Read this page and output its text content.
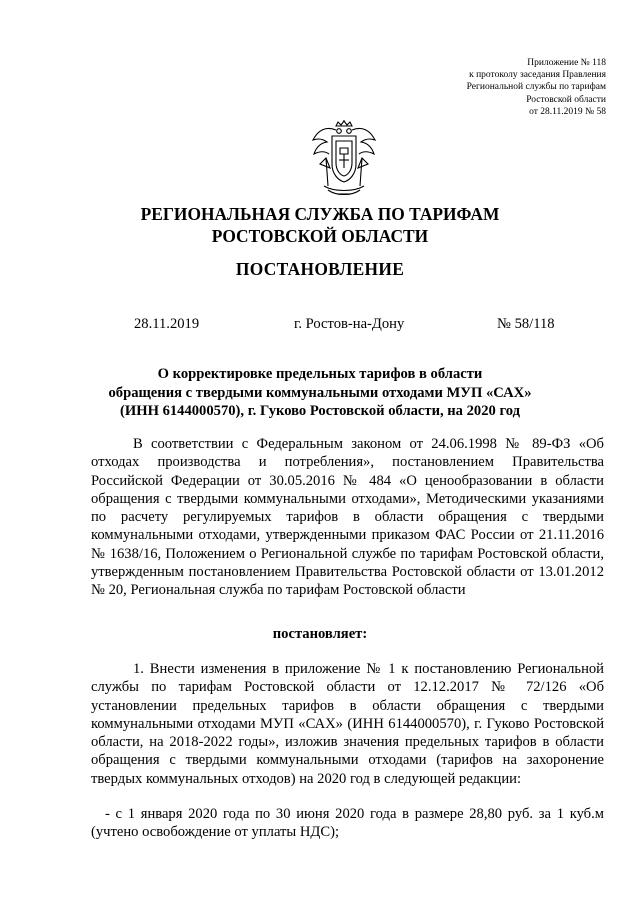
Приложение № 118
к протоколу заседания Правления
Региональной службы по тарифам
Ростовской области
от 28.11.2019 № 58
РЕГИОНАЛЬНАЯ СЛУЖБА ПО ТАРИФАМ
РОСТОВСКОЙ ОБЛАСТИ
ПОСТАНОВЛЕНИЕ
28.11.2019	г. Ростов-на-Дону	№ 58/118
О корректировке предельных тарифов в области
обращения с твердыми коммунальными отходами МУП «САХ»
(ИНН 6144000570), г. Гуково Ростовской области, на 2020 год
В соответствии с Федеральным законом от 24.06.1998 № 89-ФЗ «Об отходах производства и потребления», постановлением Правительства Российской Федерации от 30.05.2016 № 484 «О ценообразовании в области обращения с твердыми коммунальными отходами», Методическими указаниями по расчету регулируемых тарифов в области обращения с твердыми коммунальными отходами, утвержденными приказом ФАС России от 21.11.2016 № 1638/16, Положением о Региональной службе по тарифам Ростовской области, утвержденным постановлением Правительства Ростовской области от 13.01.2012 № 20, Региональная служба по тарифам Ростовской области
постановляет:
1. Внести изменения в приложение № 1 к постановлению Региональной службы по тарифам Ростовской области от 12.12.2017 № 72/126 «Об установлении предельных тарифов в области обращения с твердыми коммунальными отходами МУП «САХ» (ИНН 6144000570), г. Гуково Ростовской области, на 2018-2022 годы», изложив значения предельных тарифов в области обращения с твердыми коммунальными отходами (тарифов на захоронение твердых коммунальных отходов) на 2020 год в следующей редакции:
- с 1 января 2020 года по 30 июня 2020 года в размере 28,80 руб. за 1 куб.м (учтено освобождение от уплаты НДС);
